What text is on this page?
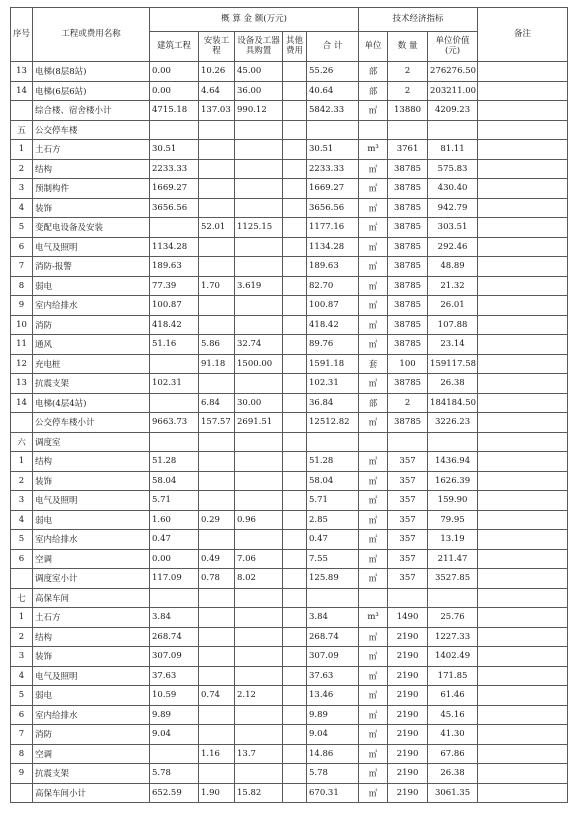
序号	工程或费用名称	概 算 金 额(万元)					技术经济指标			备注
		建筑工程	安装工程	设备及工器具购置	其他费用	合 计	单位	数 量	单位价值(元)	
13	电梯(8层8站)	0.00	10.26	45.00		55.26	部	2	276276.50	
14	电梯(6层6站)	0.00	4.64	36.00		40.64	部	2	203211.00	
	综合楼、宿舍楼小计	4715.18	137.03	990.12		5842.33	㎡	13880	4209.23	
五	公交停车楼									
1	土石方	30.51				30.51	m³	3761	81.11	
2	结构	2233.33				2233.33	㎡	38785	575.83	
3	预制构件	1669.27				1669.27	㎡	38785	430.40	
4	装饰	3656.56				3656.56	㎡	38785	942.79	
5	变配电设备及安装		52.01	1125.15		1177.16	㎡	38785	303.51	
6	电气及照明	1134.28				1134.28	㎡	38785	292.46	
7	消防-报警	189.63				189.63	㎡	38785	48.89	
8	弱电	77.39	1.70	3.619		82.70	㎡	38785	21.32	
9	室内给排水	100.87				100.87	㎡	38785	26.01	
10	消防	418.42				418.42	㎡	38785	107.88	
11	通风	51.16	5.86	32.74		89.76	㎡	38785	23.14	
12	充电桩		91.18	1500.00		1591.18	套	100	159117.58	
13	抗震支架	102.31				102.31	㎡	38785	26.38	
14	电梯(4层4站)		6.84	30.00		36.84	部	2	184184.50	
	公交停车楼小计	9663.73	157.57	2691.51		12512.82	㎡	38785	3226.23	
六	调度室									
1	结构	51.28				51.28	㎡	357	1436.94	
2	装饰	58.04				58.04	㎡	357	1626.39	
3	电气及照明	5.71				5.71	㎡	357	159.90	
4	弱电	1.60	0.29	0.96		2.85	㎡	357	79.95	
5	室内给排水	0.47				0.47	㎡	357	13.19	
6	空调	0.00	0.49	7.06		7.55	㎡	357	211.47	
	调度室小计	117.09	0.78	8.02		125.89	㎡	357	3527.85	
七	高保车间									
1	土石方	3.84				3.84	m³	1490	25.76	
2	结构	268.74				268.74	㎡	2190	1227.33	
3	装饰	307.09				307.09	㎡	2190	1402.49	
4	电气及照明	37.63				37.63	㎡	2190	171.85	
5	弱电	10.59	0.74	2.12		13.46	㎡	2190	61.46	
6	室内给排水	9.89				9.89	㎡	2190	45.16	
7	消防	9.04				9.04	㎡	2190	41.30	
8	空调		1.16	13.7		14.86	㎡	2190	67.86	
9	抗震支架	5.78				5.78	㎡	2190	26.38	
	高保车间小计	652.59	1.90	15.82		670.31	㎡	2190	3061.35	
